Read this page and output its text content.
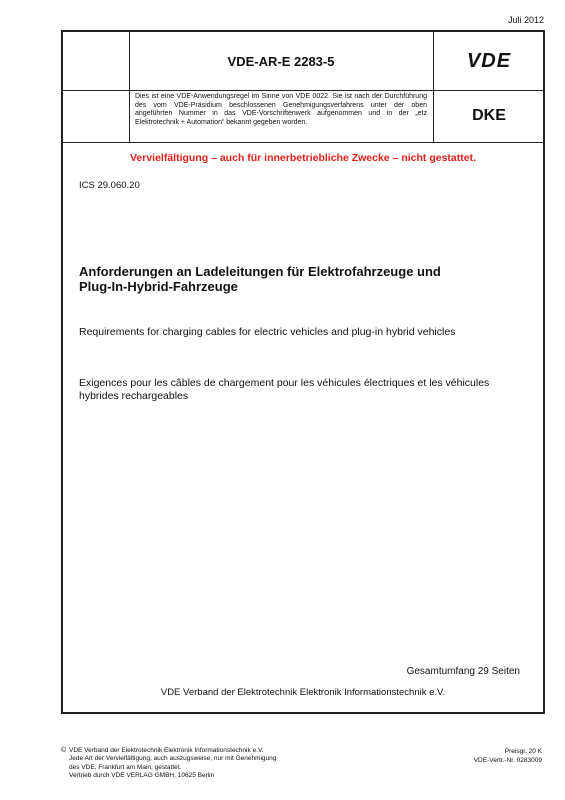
Juli 2012
VDE-AR-E 2283-5	VDE
Dies ist eine VDE-Anwendungsregel im Sinne von VDE 0022. Sie ist nach der Durchführung des vom VDE-Präsidium beschlossenen Genehmigungsverfahrens unter der oben angeführten Nummer in das VDE-Vorschriftenwerk aufgenommen und in der „etz Elektrotechnik + Automation“ bekannt gegeben worden.	DKE
Vervielfältigung – auch für innerbetriebliche Zwecke – nicht gestattet.
ICS 29.060.20
Anforderungen an Ladeleitungen für Elektrofahrzeuge und
Plug-In-Hybrid-Fahrzeuge
Requirements for charging cables for electric vehicles and plug-in hybrid vehicles
Exigences pour les câbles de chargement pour les véhicules électriques et les véhicules
hybrides rechargeables
Gesamtumfang 29 Seiten
VDE Verband der Elektrotechnik Elektronik Informationstechnik e.V.
© VDE Verband der Elektrotechnik Elektronik Informationstechnik e.V.
Jede Art der Vervielfältigung, auch auszugsweise, nur mit Genehmigung
des VDE, Frankfurt am Main, gestattet.
Vertrieb durch VDE VERLAG GMBH, 10625 Berlin
Preisgr. 20 K
VDE-Vertr.-Nr. 0283009
